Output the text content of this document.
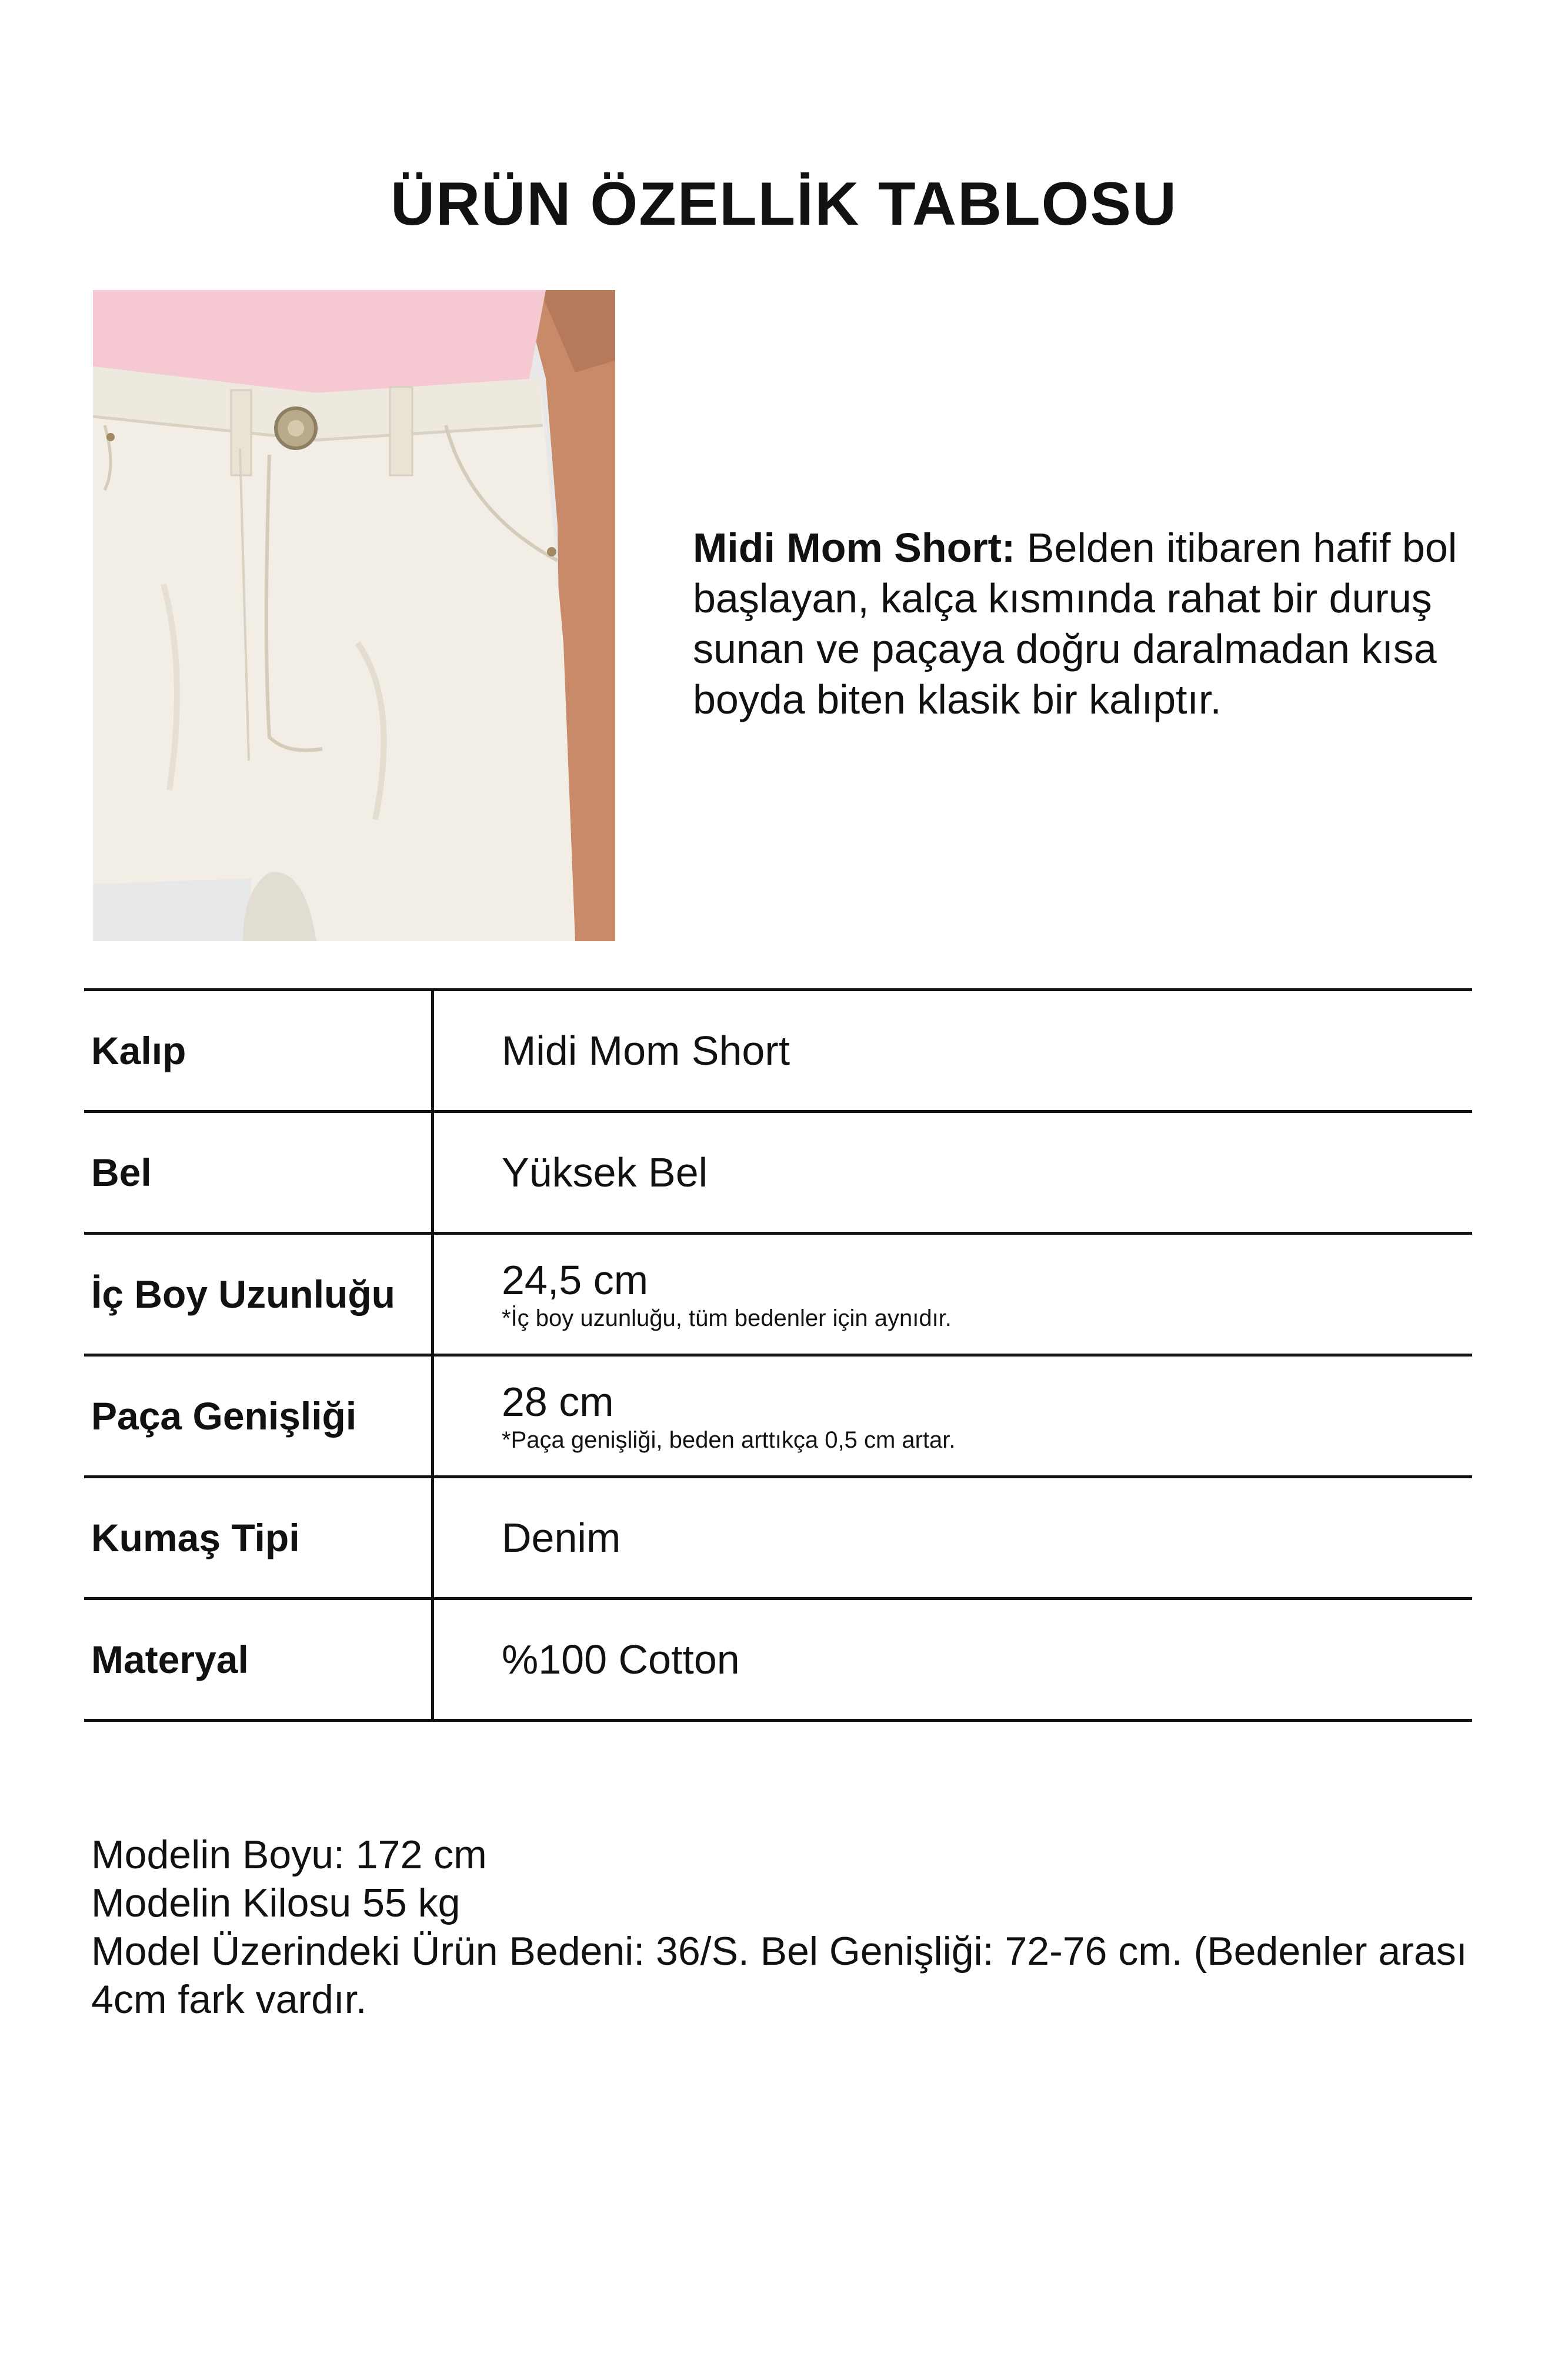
ÜRÜN ÖZELLİK TABLOSU

Midi Mom Short: Belden itibaren hafif bol başlayan, kalça kısmında rahat bir duruş sunan ve paçaya doğru daralmadan kısa boyda biten klasik bir kalıptır.

Kalıp	Midi Mom Short
Bel	Yüksek Bel
İç Boy Uzunluğu	24,5 cm
*İç boy uzunluğu, tüm bedenler için aynıdır.
Paça Genişliği	28 cm
*Paça genişliği, beden arttıkça 0,5 cm artar.
Kumaş Tipi	Denim
Materyal	%100 Cotton
Modelin Boyu: 172 cm
Modelin Kilosu 55 kg
Model Üzerindeki Ürün Bedeni: 36/S. Bel Genişliği: 72-76 cm. (Bedenler arası 4cm fark vardır.
